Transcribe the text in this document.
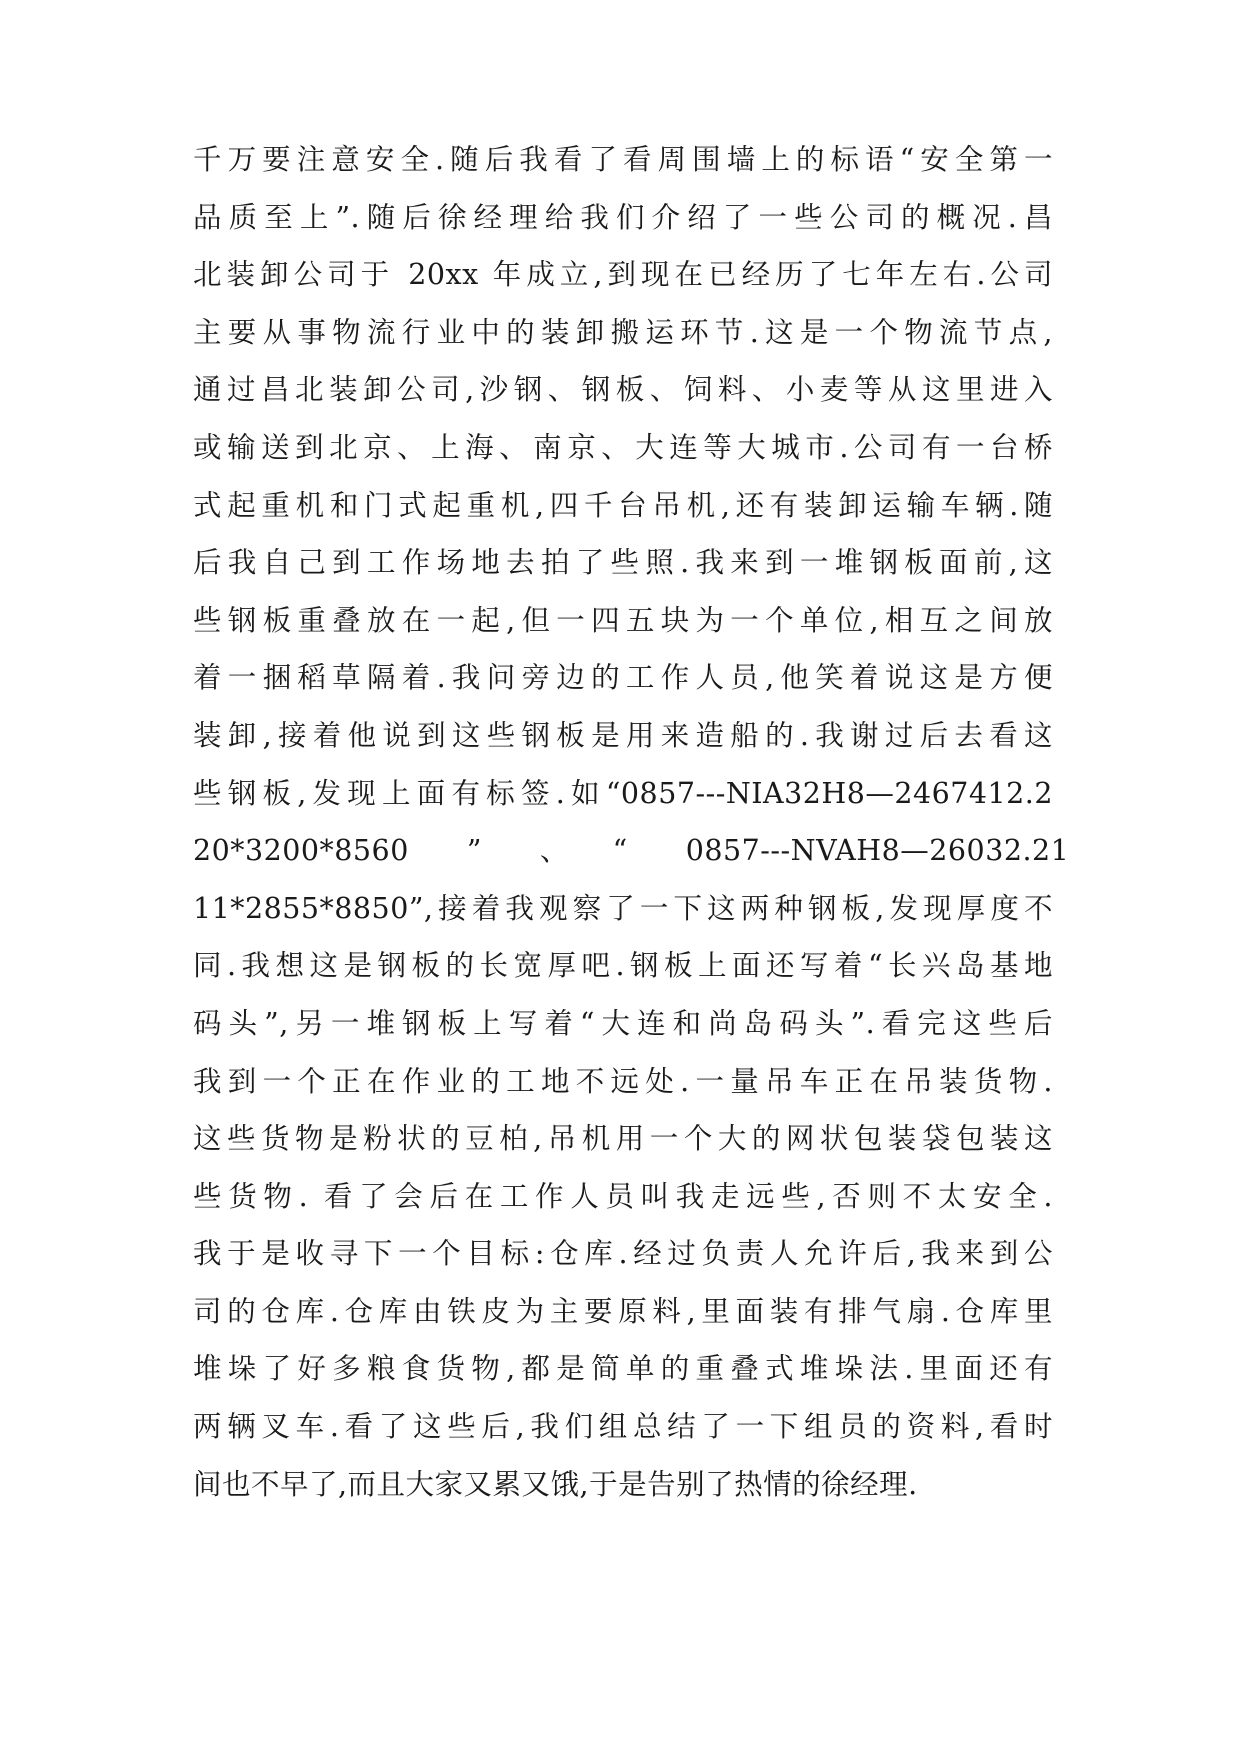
千万要注意安全.随后我看了看周围墙上的标语“安全第一
品质至上”.随后徐经理给我们介绍了一些公司的概况.昌
北装卸公司于 20xx 年成立,到现在已经历了七年左右.公司
主要从事物流行业中的装卸搬运环节.这是一个物流节点,
通过昌北装卸公司,沙钢、钢板、饲料、小麦等从这里进入
或输送到北京、上海、南京、大连等大城市.公司有一台桥
式起重机和门式起重机,四千台吊机,还有装卸运输车辆.随
后我自己到工作场地去拍了些照.我来到一堆钢板面前,这
些钢板重叠放在一起,但一四五块为一个单位,相互之间放
着一捆稻草隔着.我问旁边的工作人员,他笑着说这是方便
装卸,接着他说到这些钢板是用来造船的.我谢过后去看这
些钢板,发现上面有标签.如“0857---NIA32H8—2467412.2
20*3200*8560　　”　　、　　“　　0857---NVAH8—26032.21
11*2855*8850”,接着我观察了一下这两种钢板,发现厚度不
同.我想这是钢板的长宽厚吧.钢板上面还写着“长兴岛基地
码头”,另一堆钢板上写着“大连和尚岛码头”.看完这些后
我到一个正在作业的工地不远处.一量吊车正在吊装货物.
这些货物是粉状的豆柏,吊机用一个大的网状包装袋包装这
些货物. 看了会后在工作人员叫我走远些,否则不太安全.
我于是收寻下一个目标:仓库.经过负责人允许后,我来到公
司的仓库.仓库由铁皮为主要原料,里面装有排气扇.仓库里
堆垛了好多粮食货物,都是简单的重叠式堆垛法.里面还有
两辆叉车.看了这些后,我们组总结了一下组员的资料,看时
间也不早了,而且大家又累又饿,于是告别了热情的徐经理.
